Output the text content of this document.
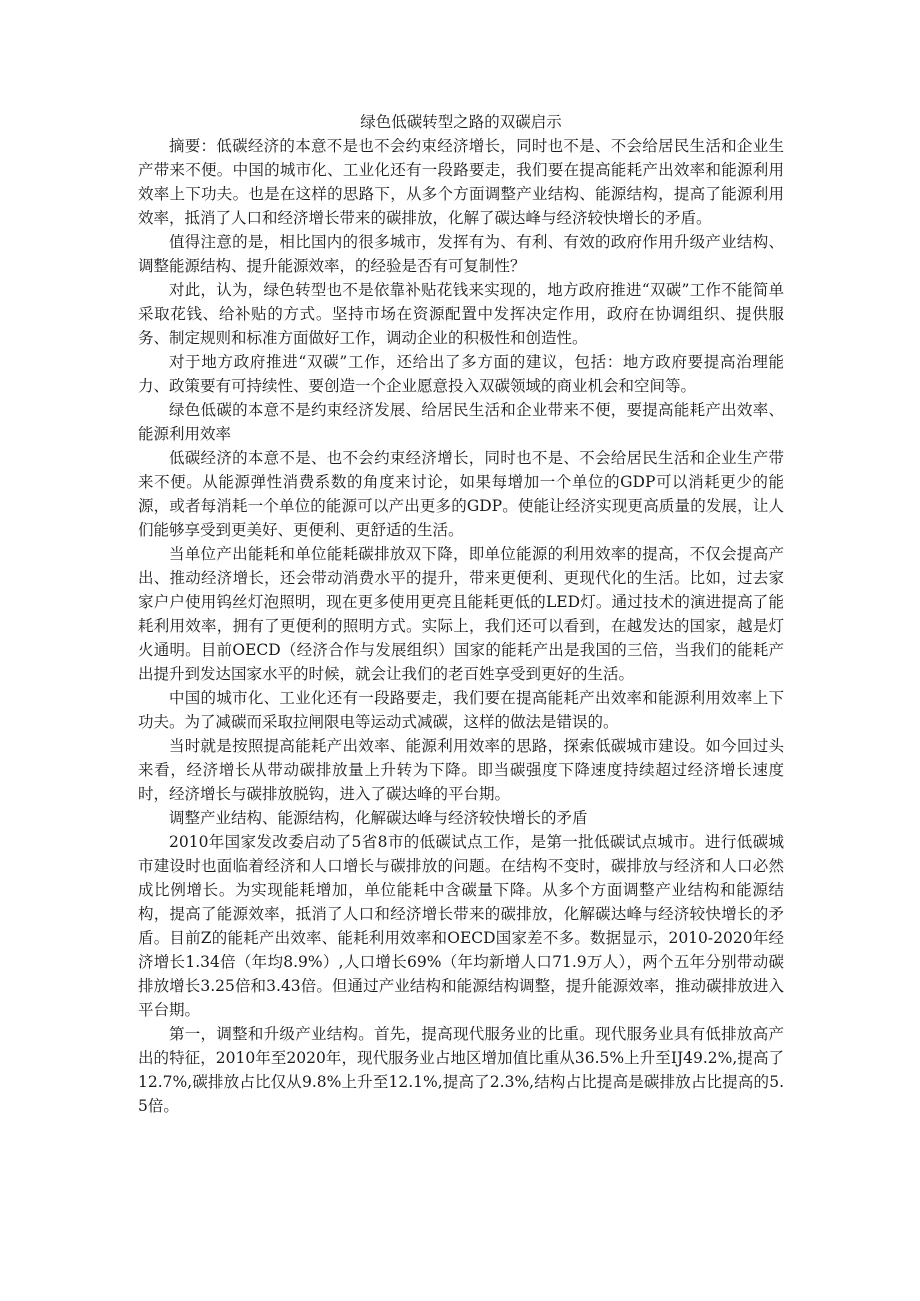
绿色低碳转型之路的双碳启示

摘要：低碳经济的本意不是也不会约束经济增长，同时也不是、不会给居民生活和企业生产带来不便。中国的城市化、工业化还有一段路要走，我们要在提高能耗产出效率和能源利用效率上下功夫。也是在这样的思路下，从多个方面调整产业结构、能源结构，提高了能源利用效率，抵消了人口和经济增长带来的碳排放，化解了碳达峰与经济较快增长的矛盾。

值得注意的是，相比国内的很多城市，发挥有为、有利、有效的政府作用升级产业结构、调整能源结构、提升能源效率，的经验是否有可复制性？

对此，认为，绿色转型也不是依靠补贴花钱来实现的，地方政府推进“双碳”工作不能简单采取花钱、给补贴的方式。坚持市场在资源配置中发挥决定作用，政府在协调组织、提供服务、制定规则和标准方面做好工作，调动企业的积极性和创造性。

对于地方政府推进“双碳”工作，还给出了多方面的建议，包括：地方政府要提高治理能力、政策要有可持续性、要创造一个企业愿意投入双碳领域的商业机会和空间等。

绿色低碳的本意不是约束经济发展、给居民生活和企业带来不便，要提高能耗产出效率、能源利用效率

低碳经济的本意不是、也不会约束经济增长，同时也不是、不会给居民生活和企业生产带来不便。从能源弹性消费系数的角度来讨论，如果每增加一个单位的GDP可以消耗更少的能源，或者每消耗一个单位的能源可以产出更多的GDP。使能让经济实现更高质量的发展，让人们能够享受到更美好、更便利、更舒适的生活。

当单位产出能耗和单位能耗碳排放双下降，即单位能源的利用效率的提高，不仅会提高产出、推动经济增长，还会带动消费水平的提升，带来更便利、更现代化的生活。比如，过去家家户户使用钨丝灯泡照明，现在更多使用更亮且能耗更低的LED灯。通过技术的演进提高了能耗利用效率，拥有了更便利的照明方式。实际上，我们还可以看到，在越发达的国家，越是灯火通明。目前OECD（经济合作与发展组织）国家的能耗产出是我国的三倍，当我们的能耗产出提升到发达国家水平的时候，就会让我们的老百姓享受到更好的生活。

中国的城市化、工业化还有一段路要走，我们要在提高能耗产出效率和能源利用效率上下功夫。为了减碳而采取拉闸限电等运动式减碳，这样的做法是错误的。

当时就是按照提高能耗产出效率、能源利用效率的思路，探索低碳城市建设。如今回过头来看，经济增长从带动碳排放量上升转为下降。即当碳强度下降速度持续超过经济增长速度时，经济增长与碳排放脱钩，进入了碳达峰的平台期。

调整产业结构、能源结构，化解碳达峰与经济较快增长的矛盾

2010年国家发改委启动了5省8市的低碳试点工作，是第一批低碳试点城市。进行低碳城市建设时也面临着经济和人口增长与碳排放的问题。在结构不变时，碳排放与经济和人口必然成比例增长。为实现能耗增加，单位能耗中含碳量下降。从多个方面调整产业结构和能源结构，提高了能源效率，抵消了人口和经济增长带来的碳排放，化解碳达峰与经济较快增长的矛盾。目前Z的能耗产出效率、能耗利用效率和OECD国家差不多。数据显示，2010-2020年经济增长1.34倍（年均8.9%）,人口增长69%（年均新增人口71.9万人），两个五年分别带动碳排放增长3.25倍和3.43倍。但通过产业结构和能源结构调整，提升能源效率，推动碳排放进入平台期。

第一，调整和升级产业结构。首先，提高现代服务业的比重。现代服务业具有低排放高产出的特征，2010年至2020年，现代服务业占地区增加值比重从36.5%上升至IJ49.2%,提高了12.7%,碳排放占比仅从9.8%上升至12.1%,提高了2.3%,结构占比提高是碳排放占比提高的5.5倍。
